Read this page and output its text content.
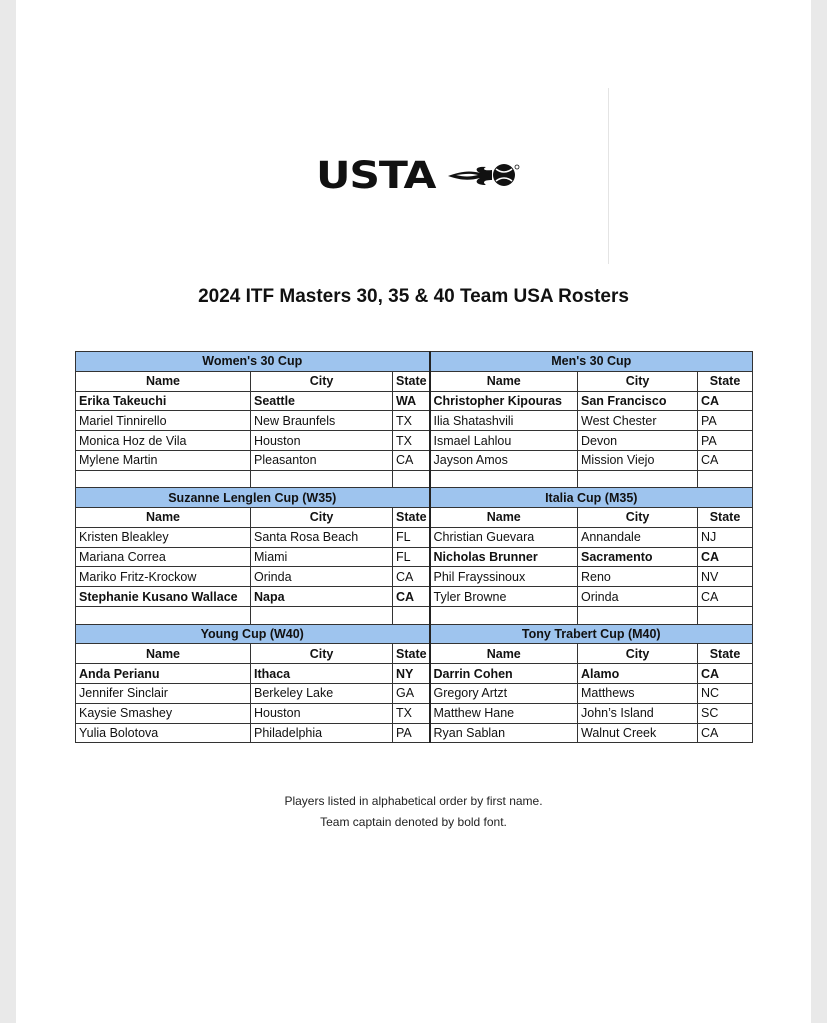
USTA
2024 ITF Masters 30, 35 & 40 Team USA Rosters
Women's 30 Cup			Men's 30 Cup		
Name	City	State	Name	City	State
Erika Takeuchi	Seattle	WA	Christopher Kipouras	San Francisco	CA
Mariel Tinnirello	New Braunfels	TX	Ilia Shatashvili	West Chester	PA
Monica Hoz de Vila	Houston	TX	Ismael Lahlou	Devon	PA
Mylene Martin	Pleasanton	CA	Jayson Amos	Mission Viejo	CA

Suzanne Lenglen Cup (W35)			Italia Cup (M35)		
Name	City	State	Name	City	State
Kristen Bleakley	Santa Rosa Beach	FL	Christian Guevara	Annandale	NJ
Mariana Correa	Miami	FL	Nicholas Brunner	Sacramento	CA
Mariko Fritz-Krockow	Orinda	CA	Phil Frayssinoux	Reno	NV
Stephanie Kusano Wallace	Napa	CA	Tyler Browne	Orinda	CA

Young Cup (W40)			Tony Trabert Cup (M40)		
Name	City	State	Name	City	State
Anda Perianu	Ithaca	NY	Darrin Cohen	Alamo	CA
Jennifer Sinclair	Berkeley Lake	GA	Gregory Artzt	Matthews	NC
Kaysie Smashey	Houston	TX	Matthew Hane	John’s Island	SC
Yulia Bolotova	Philadelphia	PA	Ryan Sablan	Walnut Creek	CA
Players listed in alphabetical order by first name.
Team captain denoted by bold font.
